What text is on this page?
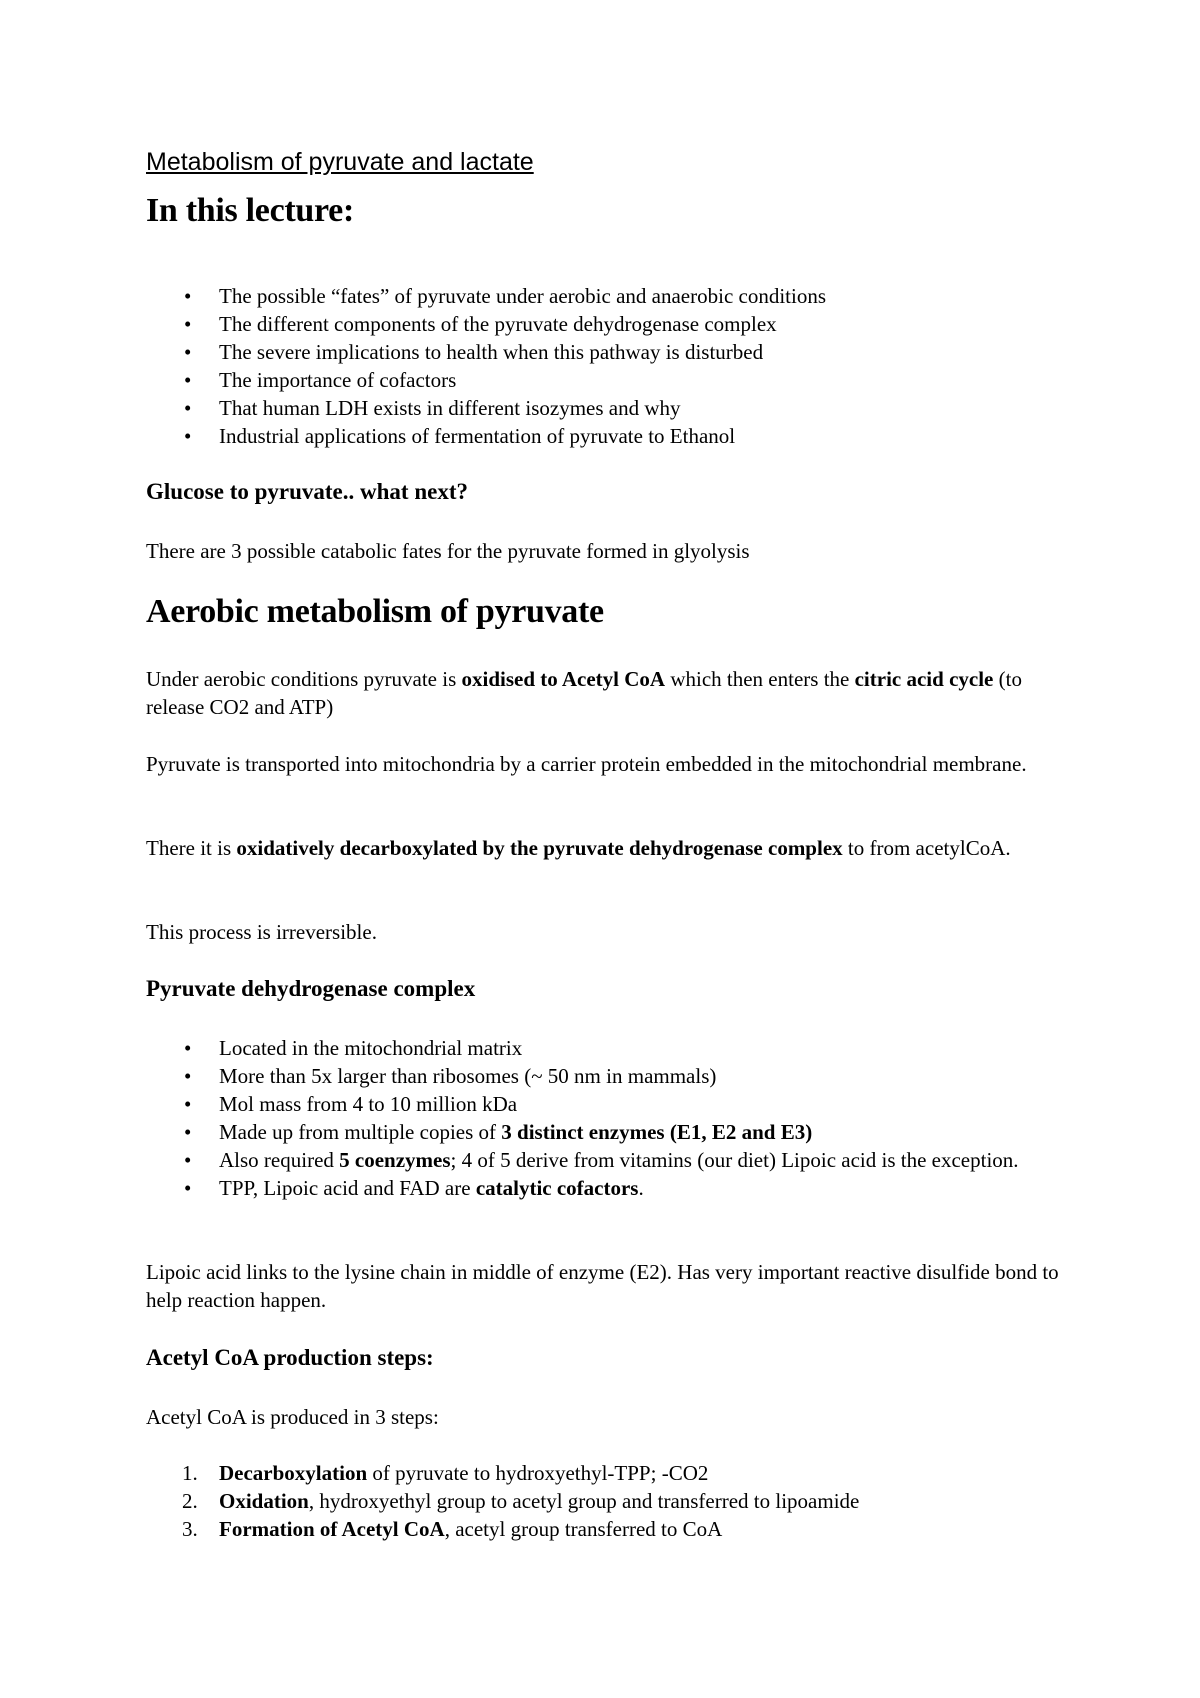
Metabolism of pyruvate and lactate
In this lecture:
• The possible “fates” of pyruvate under aerobic and anaerobic conditions
• The different components of the pyruvate dehydrogenase complex
• The severe implications to health when this pathway is disturbed
• The importance of cofactors
• That human LDH exists in different isozymes and why
• Industrial applications of fermentation of pyruvate to Ethanol
Glucose to pyruvate.. what next?

There are 3 possible catabolic fates for the pyruvate formed in glyolysis

Aerobic metabolism of pyruvate

Under aerobic conditions pyruvate is oxidised to Acetyl CoA which then enters the citric acid cycle (to release CO2 and ATP)

Pyruvate is transported into mitochondria by a carrier protein embedded in the mitochondrial membrane.

There it is oxidatively decarboxylated by the pyruvate dehydrogenase complex to from acetylCoA.

This process is irreversible.

Pyruvate dehydrogenase complex
• Located in the mitochondrial matrix
• More than 5x larger than ribosomes (~ 50 nm in mammals)
• Mol mass from 4 to 10 million kDa
• Made up from multiple copies of 3 distinct enzymes (E1, E2 and E3)
• Also required 5 coenzymes; 4 of 5 derive from vitamins (our diet) Lipoic acid is the exception.
• TPP, Lipoic acid and FAD are catalytic cofactors.

Lipoic acid links to the lysine chain in middle of enzyme (E2). Has very important reactive disulfide bond to help reaction happen.

Acetyl CoA production steps:

Acetyl CoA is produced in 3 steps:

1. Decarboxylation of pyruvate to hydroxyethyl-TPP; -CO2
2. Oxidation, hydroxyethyl group to acetyl group and transferred to lipoamide
3. Formation of Acetyl CoA, acetyl group transferred to CoA
